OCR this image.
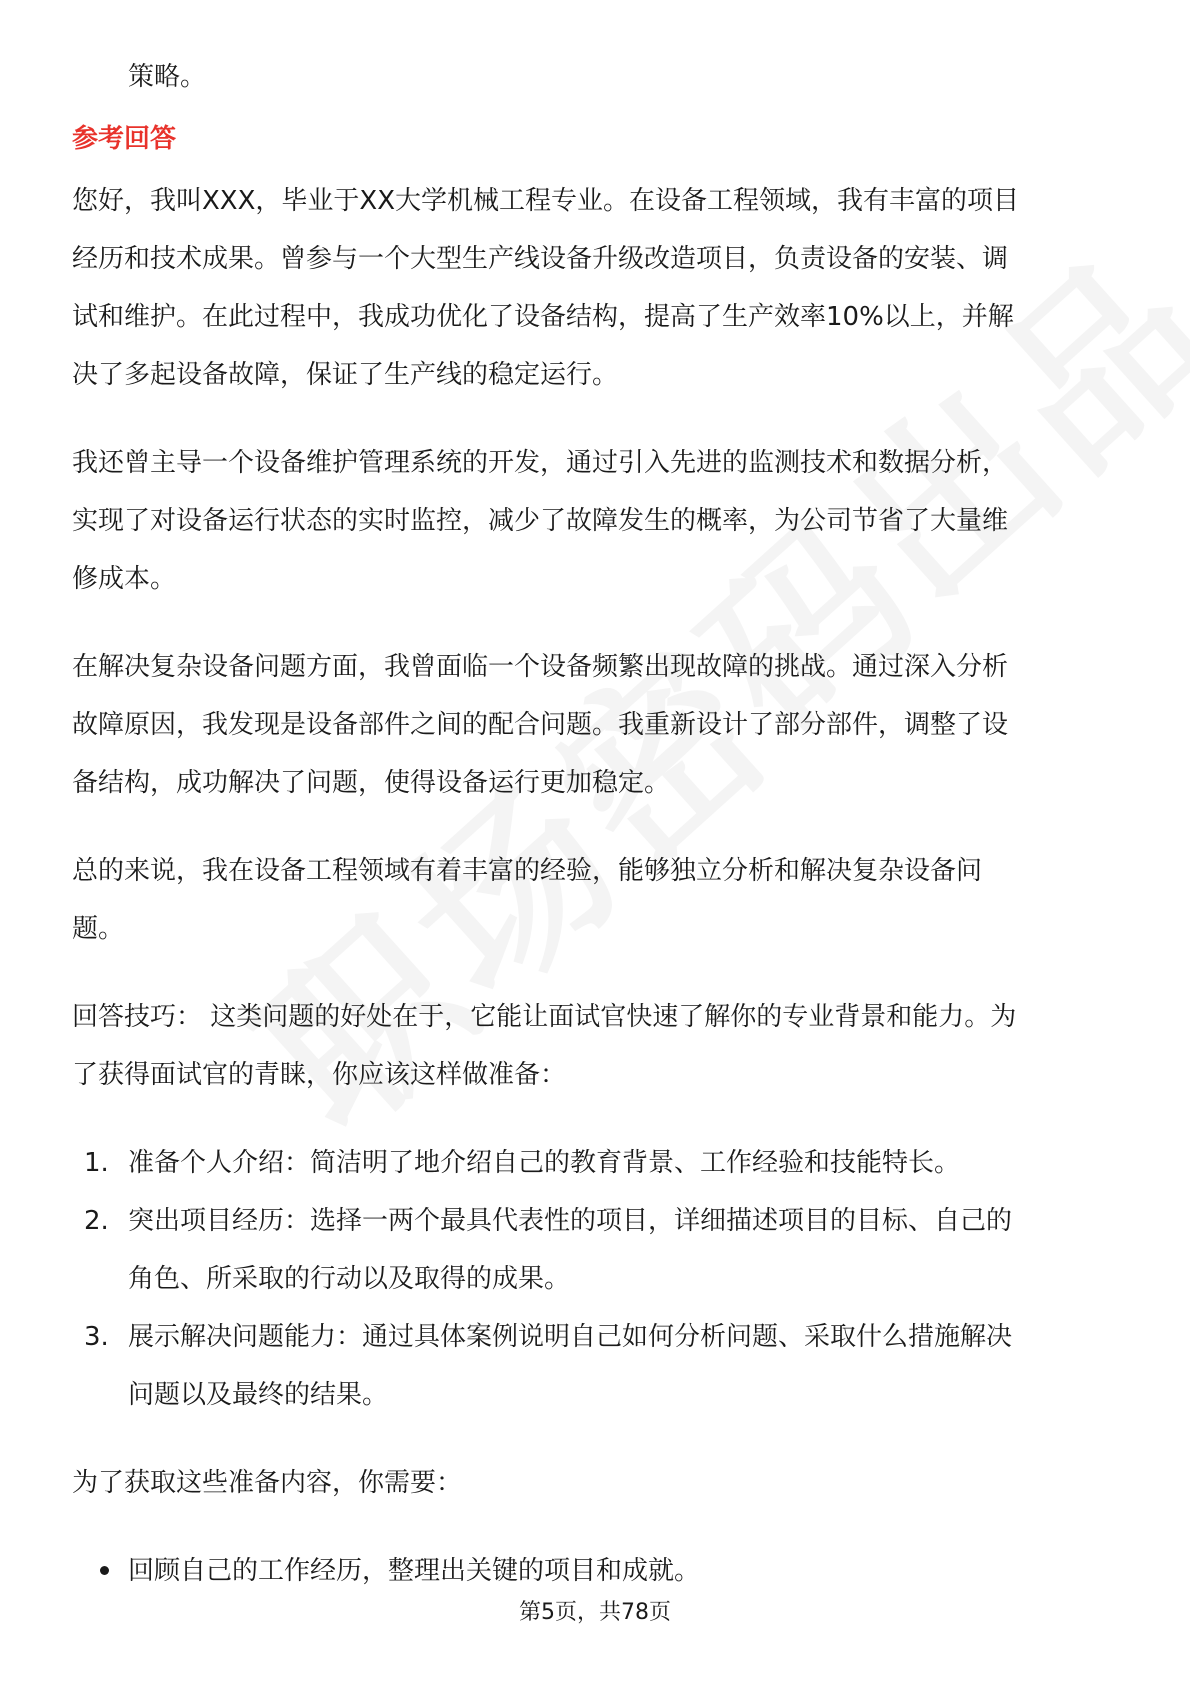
策略。

参考回答

您好，我叫XXX，毕业于XX大学机械工程专业。在设备工程领域，我有丰富的项目

经历和技术成果。曾参与一个大型生产线设备升级改造项目，负责设备的安装、调

试和维护。在此过程中，我成功优化了设备结构，提高了生产效率10%以上，并解

决了多起设备故障，保证了生产线的稳定运行。

我还曾主导一个设备维护管理系统的开发，通过引入先进的监测技术和数据分析，

实现了对设备运行状态的实时监控，减少了故障发生的概率，为公司节省了大量维

修成本。

在解决复杂设备问题方面，我曾面临一个设备频繁出现故障的挑战。通过深入分析

故障原因，我发现是设备部件之间的配合问题。我重新设计了部分部件，调整了设

备结构，成功解决了问题，使得设备运行更加稳定。

总的来说，我在设备工程领域有着丰富的经验，能够独立分析和解决复杂设备问

题。

回答技巧： 这类问题的好处在于，它能让面试官快速了解你的专业背景和能力。为

了获得面试官的青睐，你应该这样做准备：

1. 准备个人介绍：简洁明了地介绍自己的教育背景、工作经验和技能特长。

2. 突出项目经历：选择一两个最具代表性的项目，详细描述项目的目标、自己的

角色、所采取的行动以及取得的成果。

3. 展示解决问题能力：通过具体案例说明自己如何分析问题、采取什么措施解决

问题以及最终的结果。

为了获取这些准备内容，你需要：

回顾自己的工作经历，整理出关键的项目和成就。

第5页，共78页
